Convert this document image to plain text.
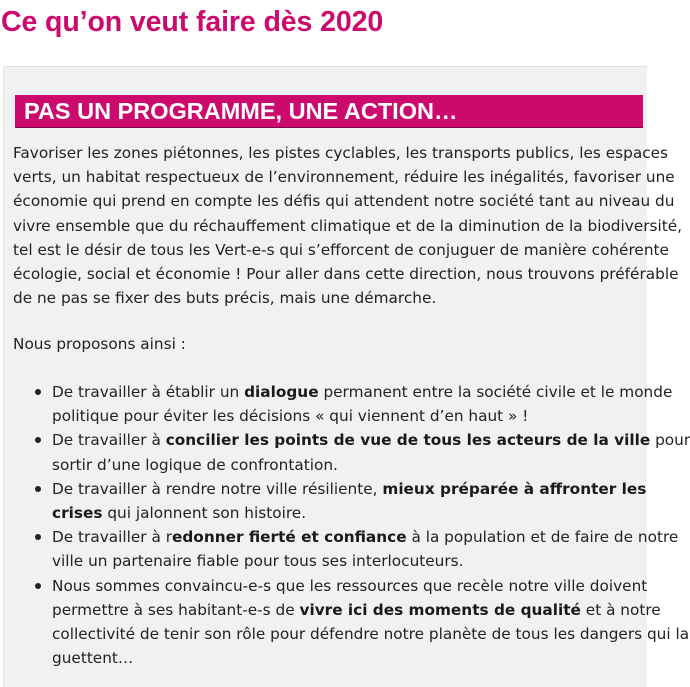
Ce qu’on veut faire dès 2020
PAS UN PROGRAMME, UNE ACTION…

Favoriser les zones piétonnes, les pistes cyclables, les transports publics, les espaces
verts, un habitat respectueux de l’environnement, réduire les inégalités, favoriser une
économie qui prend en compte les défis qui attendent notre société tant au niveau du
vivre ensemble que du réchauffement climatique et de la diminution de la biodiversité,
tel est le désir de tous les Vert-e-s qui s’efforcent de conjuguer de manière cohérente
écologie, social et économie ! Pour aller dans cette direction, nous trouvons préférable
de ne pas se fixer des buts précis, mais une démarche.

Nous proposons ainsi :

De travailler à établir un dialogue permanent entre la société civile et le monde
politique pour éviter les décisions « qui viennent d’en haut » !
De travailler à concilier les points de vue de tous les acteurs de la ville pour
sortir d’une logique de confrontation.
De travailler à rendre notre ville résiliente, mieux préparée à affronter les
crises qui jalonnent son histoire.
De travailler à redonner fierté et confiance à la population et de faire de notre
ville un partenaire fiable pour tous ses interlocuteurs.
Nous sommes convaincu-e-s que les ressources que recèle notre ville doivent
permettre à ses habitant-e-s de vivre ici des moments de qualité et à notre
collectivité de tenir son rôle pour défendre notre planète de tous les dangers qui la
guettent…
